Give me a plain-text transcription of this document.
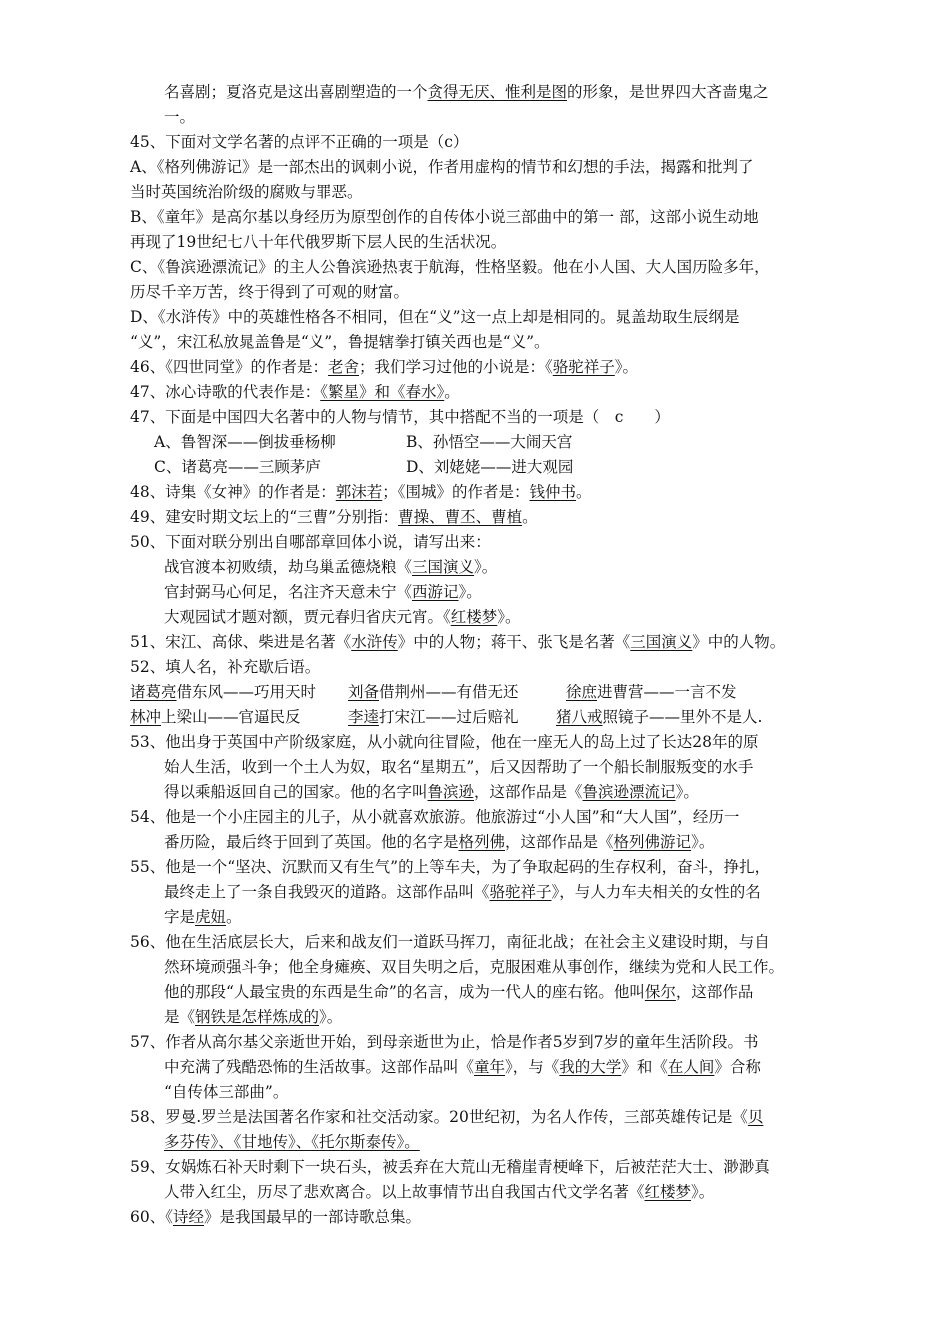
名喜剧；夏洛克是这出喜剧塑造的一个贪得无厌、惟利是图的形象，是世界四大吝啬鬼之
一。
45、下面对文学名著的点评不正确的一项是（c）
A、《格列佛游记》是一部杰出的讽刺小说，作者用虚构的情节和幻想的手法，揭露和批判了
当时英国统治阶级的腐败与罪恶。
B、《童年》是高尔基以身经历为原型创作的自传体小说三部曲中的第一 部，这部小说生动地
再现了19世纪七八十年代俄罗斯下层人民的生活状况。
C、《鲁滨逊漂流记》的主人公鲁滨逊热衷于航海，性格坚毅。他在小人国、大人国历险多年，
历尽千辛万苦，终于得到了可观的财富。
D、《水浒传》中的英雄性格各不相同，但在“义”这一点上却是相同的。晁盖劫取生辰纲是
“义”，宋江私放晁盖鲁是“义”，鲁提辖拳打镇关西也是“义”。
46、《四世同堂》的作者是：老舍；我们学习过他的小说是：《骆驼祥子》。
47、冰心诗歌的代表作是：《繁星》和《春水》。
47、下面是中国四大名著中的人物与情节，其中搭配不当的一项是（　c　　）
A、鲁智深——倒拔垂杨柳	B、孙悟空——大闹天宫
C、诸葛亮——三顾茅庐	D、刘姥姥——进大观园
48、诗集《女神》的作者是：郭沫若；《围城》的作者是：钱仲书。
49、建安时期文坛上的“三曹”分别指：曹操、曹丕、曹植。
50、下面对联分别出自哪部章回体小说，请写出来：
战官渡本初败绩，劫乌巢孟德烧粮《三国演义》。
官封弼马心何足，名注齐天意未宁《西游记》。
大观园试才题对额，贾元春归省庆元宵。《红楼梦》。
51、宋江、高俅、柴进是名著《水浒传》中的人物；蒋干、张飞是名著《三国演义》中的人物。
52、填人名，补充歇后语。
诸葛亮借东风——巧用天时 刘备借荆州——有借无还	徐庶进曹营——一言不发
林冲上梁山——官逼民反	李逵打宋江——过后赔礼 猪八戒照镜子——里外不是人.
53、他出身于英国中产阶级家庭，从小就向往冒险，他在一座无人的岛上过了长达28年的原
始人生活，收到一个土人为奴，取名“星期五”，后又因帮助了一个船长制服叛变的水手
得以乘船返回自己的国家。他的名字叫鲁滨逊，这部作品是《鲁滨逊漂流记》。
54、他是一个小庄园主的儿子，从小就喜欢旅游。他旅游过“小人国”和“大人国”，经历一
番历险，最后终于回到了英国。他的名字是格列佛，这部作品是《格列佛游记》。
55、他是一个“坚决、沉默而又有生气”的上等车夫，为了争取起码的生存权利，奋斗，挣扎，
最终走上了一条自我毁灭的道路。这部作品叫《骆驼祥子》，与人力车夫相关的女性的名
字是虎妞。
56、他在生活底层长大，后来和战友们一道跃马挥刀，南征北战；在社会主义建设时期，与自
然环境顽强斗争；他全身瘫痪、双目失明之后，克服困难从事创作，继续为党和人民工作。
他的那段“人最宝贵的东西是生命”的名言，成为一代人的座右铭。他叫保尔，这部作品
是《钢铁是怎样炼成的》。
57、作者从高尔基父亲逝世开始，到母亲逝世为止，恰是作者5岁到7岁的童年生活阶段。书
中充满了残酷恐怖的生活故事。这部作品叫《童年》，与《我的大学》和《在人间》合称
“自传体三部曲”。
58、罗曼.罗兰是法国著名作家和社交活动家。20世纪初，为名人作传，三部英雄传记是《贝
多芬传》、《甘地传》、《托尔斯泰传》。
59、女娲炼石补天时剩下一块石头，被丢弃在大荒山无稽崖青梗峰下，后被茫茫大士、渺渺真
人带入红尘，历尽了悲欢离合。以上故事情节出自我国古代文学名著《红楼梦》。
60、《诗经》是我国最早的一部诗歌总集。
